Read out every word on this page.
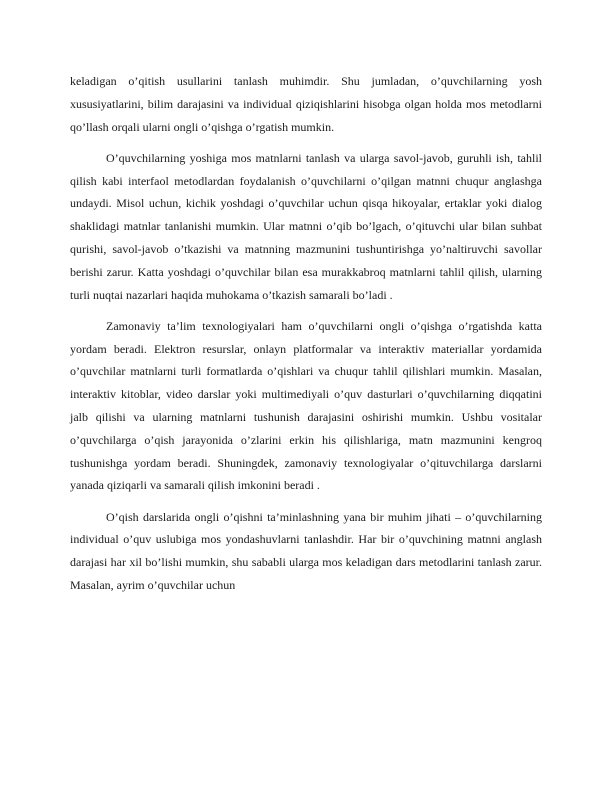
keladigan o’qitish usullarini tanlash muhimdir. Shu jumladan, o’quvchilarning yosh xususiyatlarini, bilim darajasini va individual qiziqishlarini hisobga olgan holda mos metodlarni qo’llash orqali ularni ongli o’qishga o’rgatish mumkin.

O’quvchilarning yoshiga mos matnlarni tanlash va ularga savol-javob, guruhli ish, tahlil qilish kabi interfaol metodlardan foydalanish o’quvchilarni o’qilgan matnni chuqur anglashga undaydi. Misol uchun, kichik yoshdagi o’quvchilar uchun qisqa hikoyalar, ertaklar yoki dialog shaklidagi matnlar tanlanishi mumkin. Ular matnni o’qib bo’lgach, o’qituvchi ular bilan suhbat qurishi, savol-javob o’tkazishi va matnning mazmunini tushuntirishga yo’naltiruvchi savollar berishi zarur. Katta yoshdagi o’quvchilar bilan esa murakkabroq matnlarni tahlil qilish, ularning turli nuqtai nazarlari haqida muhokama o’tkazish samarali bo’ladi .

Zamonaviy ta’lim texnologiyalari ham o’quvchilarni ongli o’qishga o’rgatishda katta yordam beradi. Elektron resurslar, onlayn platformalar va interaktiv materiallar yordamida o’quvchilar matnlarni turli formatlarda o’qishlari va chuqur tahlil qilishlari mumkin. Masalan, interaktiv kitoblar, video darslar yoki multimediyali o’quv dasturlari o’quvchilarning diqqatini jalb qilishi va ularning matnlarni tushunish darajasini oshirishi mumkin. Ushbu vositalar o’quvchilarga o’qish jarayonida o’zlarini erkin his qilishlariga, matn mazmunini kengroq tushunishga yordam beradi. Shuningdek, zamonaviy texnologiyalar o’qituvchilarga darslarni yanada qiziqarli va samarali qilish imkonini beradi .

O’qish darslarida ongli o’qishni ta’minlashning yana bir muhim jihati – o’quvchilarning individual o’quv uslubiga mos yondashuvlarni tanlashdir. Har bir o’quvchining matnni anglash darajasi har xil bo’lishi mumkin, shu sababli ularga mos keladigan dars metodlarini tanlash zarur. Masalan, ayrim o’quvchilar uchun
